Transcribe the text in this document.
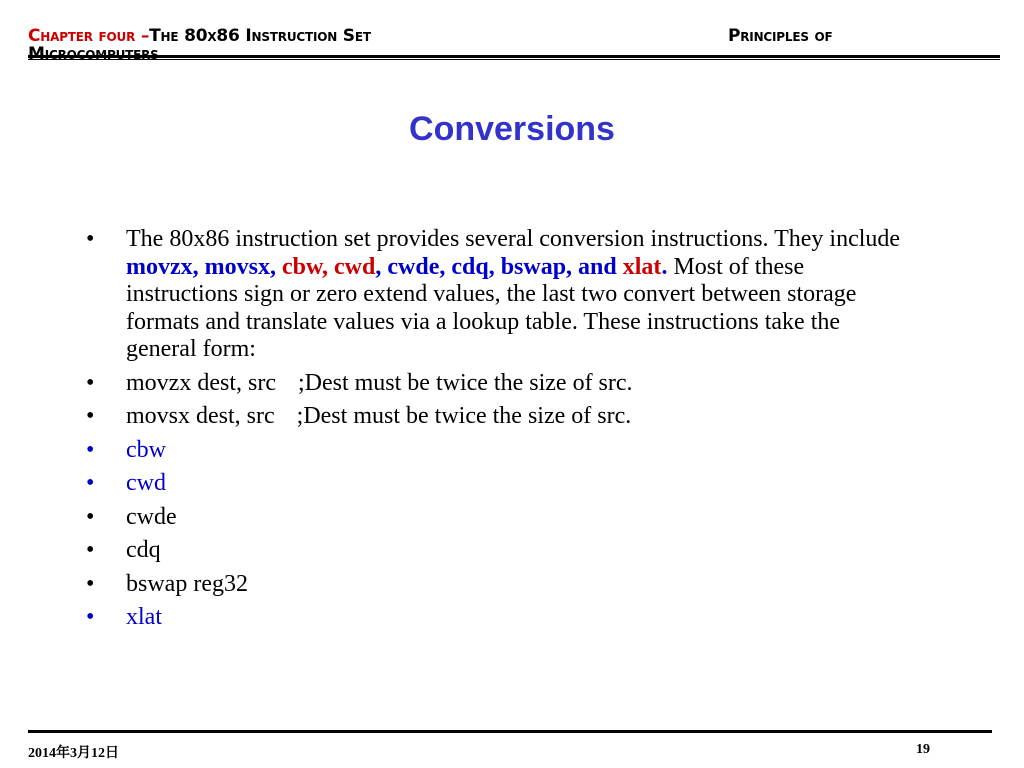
Chapter four –The 80x86 Instruction Set	Principles of
Microcomputers
Conversions
• The 80x86 instruction set provides several conversion instructions. They include movzx, movsx, cbw, cwd, cwde, cdq, bswap, and xlat. Most of these instructions sign or zero extend values, the last two convert between storage formats and translate values via a lookup table. These instructions take the general form:
• movzx dest, src ;Dest must be twice the size of src.
• movsx dest, src ;Dest must be twice the size of src.
• cbw
• cwd
• cwde
• cdq
• bswap reg32
• xlat
2014年3月12日	19
